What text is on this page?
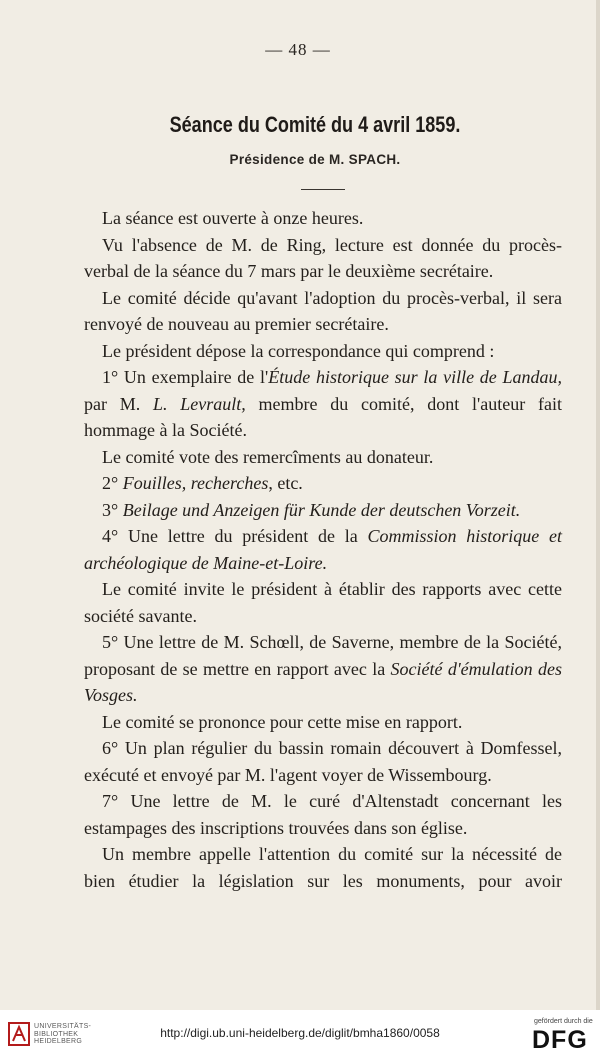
— 48 —
Séance du Comité du 4 avril 1859.
Présidence de M. SPACH.

La séance est ouverte à onze heures.

Vu l'absence de M. de Ring, lecture est donnée du procès-verbal de la séance du 7 mars par le deuxième secrétaire.

Le comité décide qu'avant l'adoption du procès-verbal, il sera renvoyé de nouveau au premier secrétaire.

Le président dépose la correspondance qui comprend :

1° Un exemplaire de l'Étude historique sur la ville de Landau, par M. L. Levrault, membre du comité, dont l'auteur fait hommage à la Société.

Le comité vote des remercîments au donateur.

2° Fouilles, recherches, etc.

3° Beilage und Anzeigen für Kunde der deutschen Vorzeit.

4° Une lettre du président de la Commission historique et archéologique de Maine-et-Loire.

Le comité invite le président à établir des rapports avec cette société savante.

5° Une lettre de M. Schœll, de Saverne, membre de la Société, proposant de se mettre en rapport avec la Société d'émulation des Vosges.

Le comité se prononce pour cette mise en rapport.

6° Un plan régulier du bassin romain découvert à Domfessel, exécuté et envoyé par M. l'agent voyer de Wissembourg.

7° Une lettre de M. le curé d'Altenstadt concernant les estampages des inscriptions trouvées dans son église.

Un membre appelle l'attention du comité sur la nécessité de bien étudier la législation sur les monuments, pour avoir

UNIVERSITÄTS-
BIBLIOTHEK
HEIDELBERG
http://digi.ub.uni-heidelberg.de/diglit/bmha1860/0058
gefördert durch die
DFG
